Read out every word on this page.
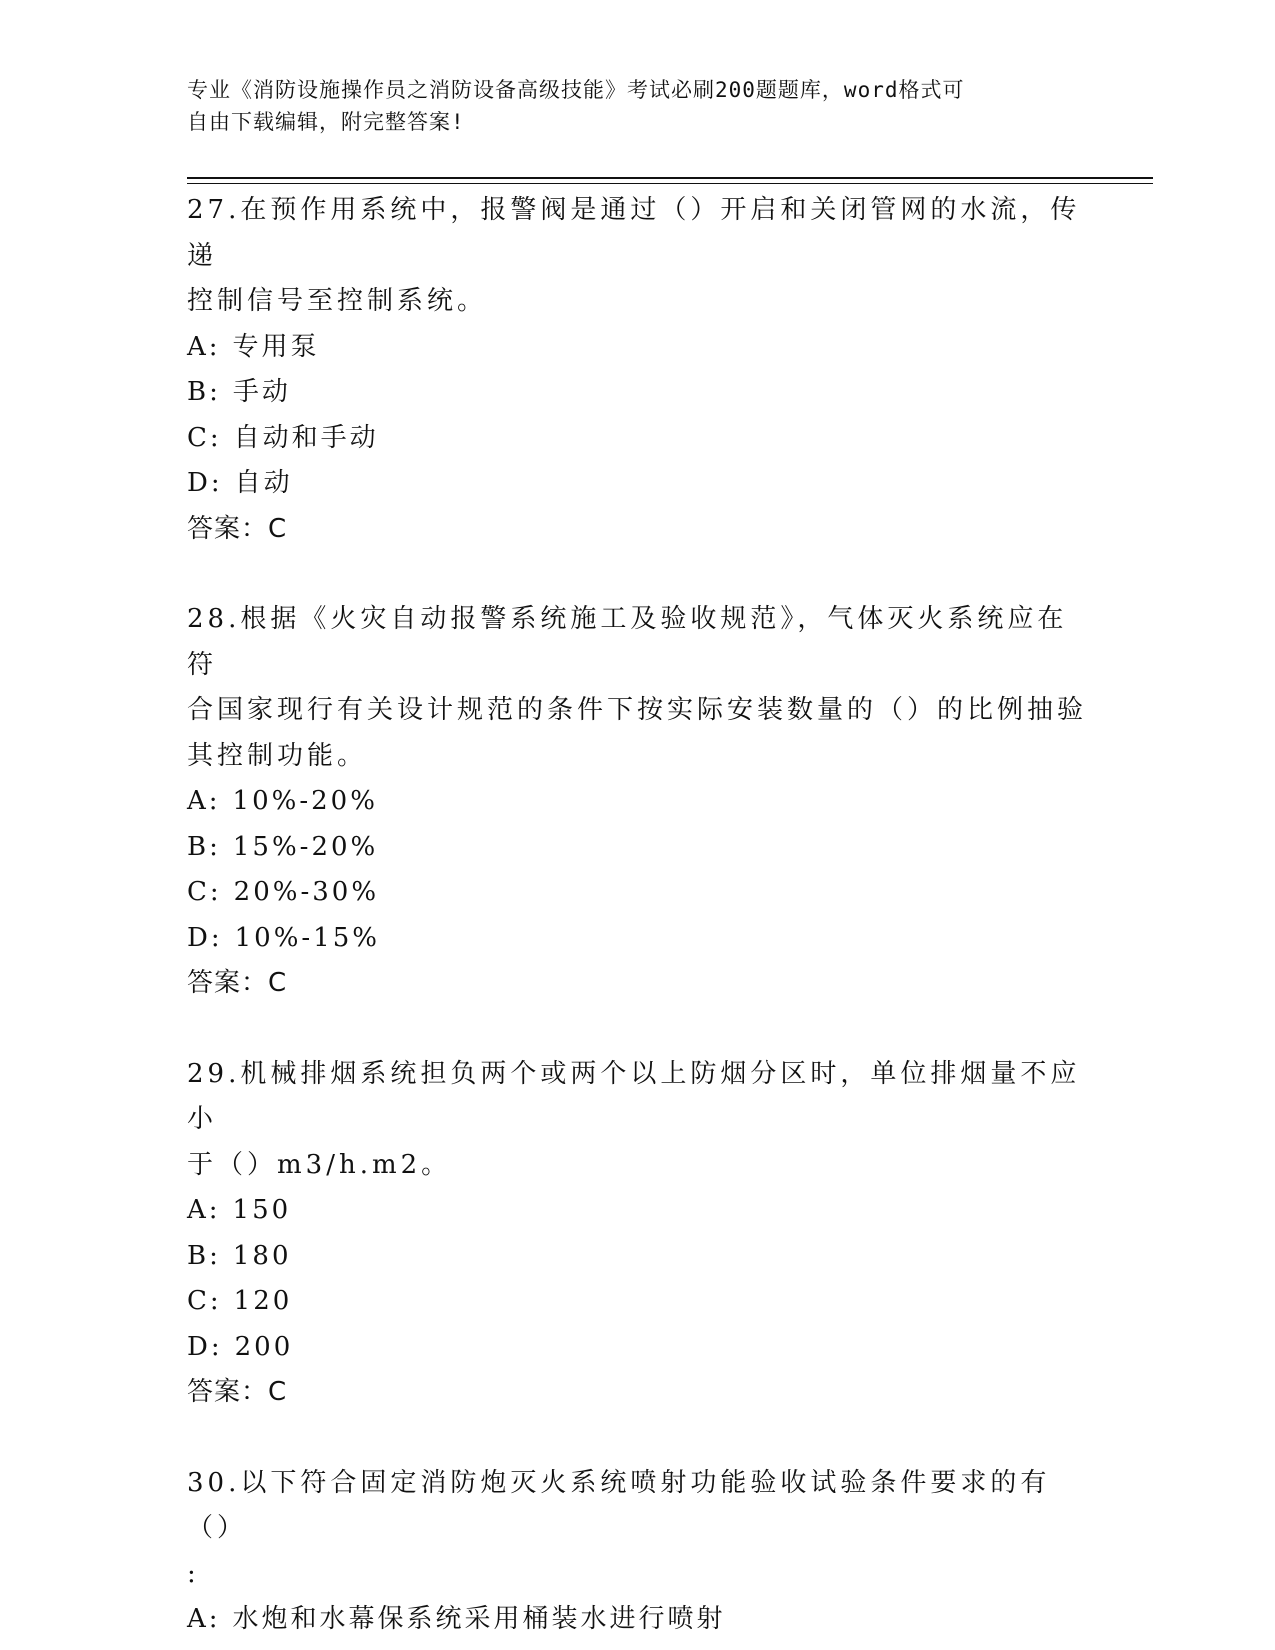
专业《消防设施操作员之消防设备高级技能》考试必刷200题题库，word格式可
自由下载编辑，附完整答案!
27.在预作用系统中，报警阀是通过（）开启和关闭管网的水流，传递
控制信号至控制系统。
A: 专用泵
B: 手动
C: 自动和手动
D: 自动
答案：C
28.根据《火灾自动报警系统施工及验收规范》，气体灭火系统应在符
合国家现行有关设计规范的条件下按实际安装数量的（）的比例抽验
其控制功能。
A: 10%-20%
B: 15%-20%
C: 20%-30%
D: 10%-15%
答案：C
29.机械排烟系统担负两个或两个以上防烟分区时，单位排烟量不应小
于（）m3/h.m2。
A: 150
B: 180
C: 120
D: 200
答案：C
30.以下符合固定消防炮灭火系统喷射功能验收试验条件要求的有（）
:
A: 水炮和水幕保系统采用桶装水进行喷射
